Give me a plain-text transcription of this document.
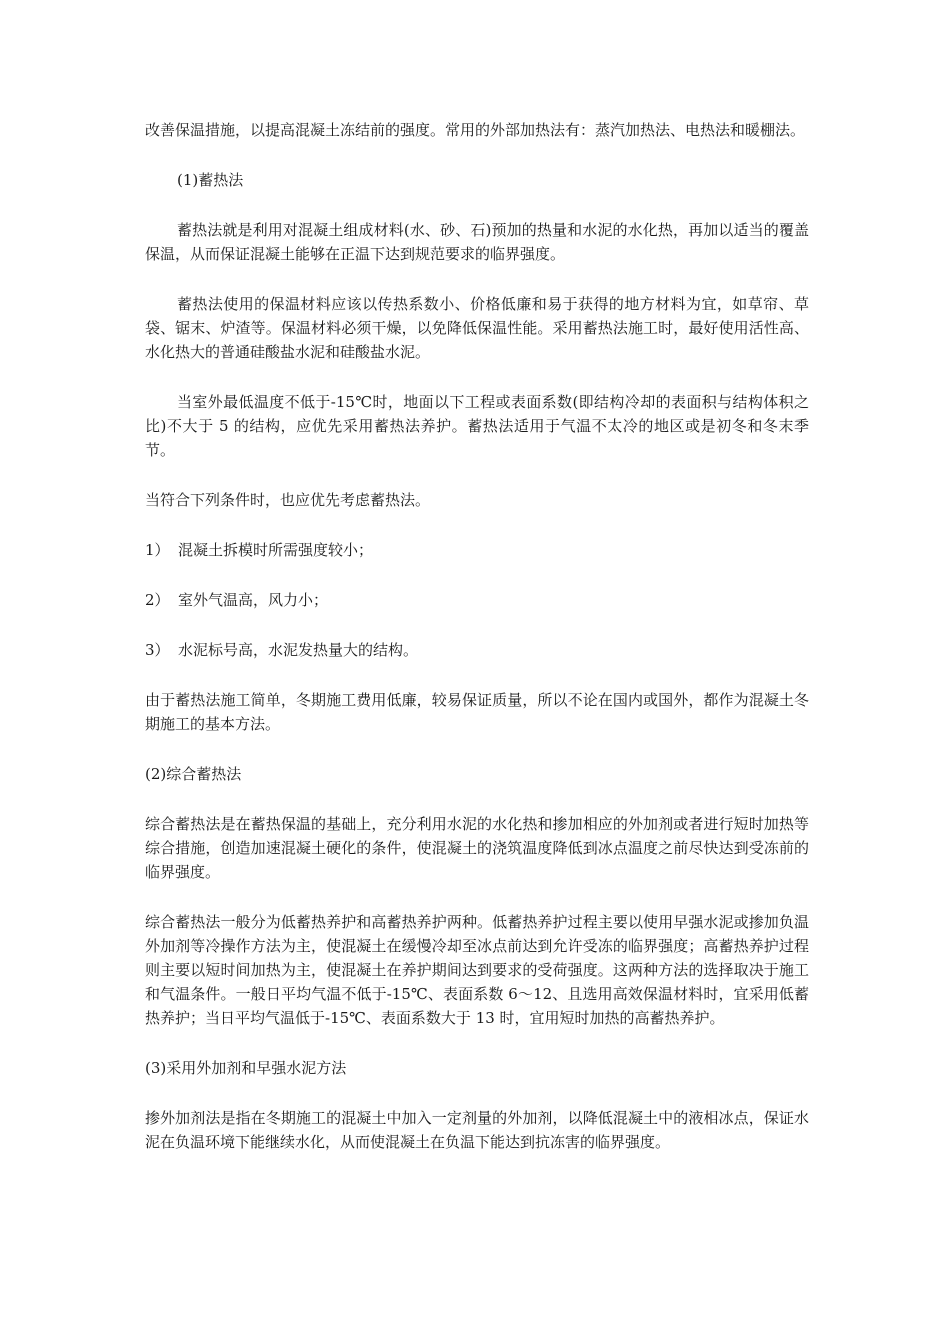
改善保温措施，以提高混凝土冻结前的强度。常用的外部加热法有：蒸汽加热法、电热法和暖棚法。

(1)蓄热法

蓄热法就是利用对混凝土组成材料(水、砂、石)预加的热量和水泥的水化热，再加以适当的覆盖保温，从而保证混凝土能够在正温下达到规范要求的临界强度。

蓄热法使用的保温材料应该以传热系数小、价格低廉和易于获得的地方材料为宜，如草帘、草袋、锯末、炉渣等。保温材料必须干燥，以免降低保温性能。采用蓄热法施工时，最好使用活性高、水化热大的普通硅酸盐水泥和硅酸盐水泥。

当室外最低温度不低于-15℃时，地面以下工程或表面系数(即结构冷却的表面积与结构体积之比)不大于 5 的结构，应优先采用蓄热法养护。蓄热法适用于气温不太冷的地区或是初冬和冬末季节。

当符合下列条件时，也应优先考虑蓄热法。

1） 混凝土拆模时所需强度较小；
2） 室外气温高，风力小；
3） 水泥标号高，水泥发热量大的结构。

由于蓄热法施工简单，冬期施工费用低廉，较易保证质量，所以不论在国内或国外，都作为混凝土冬期施工的基本方法。

(2)综合蓄热法

综合蓄热法是在蓄热保温的基础上，充分利用水泥的水化热和掺加相应的外加剂或者进行短时加热等综合措施，创造加速混凝土硬化的条件，使混凝土的浇筑温度降低到冰点温度之前尽快达到受冻前的临界强度。

综合蓄热法一般分为低蓄热养护和高蓄热养护两种。低蓄热养护过程主要以使用早强水泥或掺加负温外加剂等冷操作方法为主，使混凝土在缓慢冷却至冰点前达到允许受冻的临界强度；高蓄热养护过程则主要以短时间加热为主，使混凝土在养护期间达到要求的受荷强度。这两种方法的选择取决于施工和气温条件。一般日平均气温不低于-15℃、表面系数 6～12、且选用高效保温材料时，宜采用低蓄热养护；当日平均气温低于-15℃、表面系数大于 13 时，宜用短时加热的高蓄热养护。

(3)采用外加剂和早强水泥方法

掺外加剂法是指在冬期施工的混凝土中加入一定剂量的外加剂，以降低混凝土中的液相冰点，保证水泥在负温环境下能继续水化，从而使混凝土在负温下能达到抗冻害的临界强度。
